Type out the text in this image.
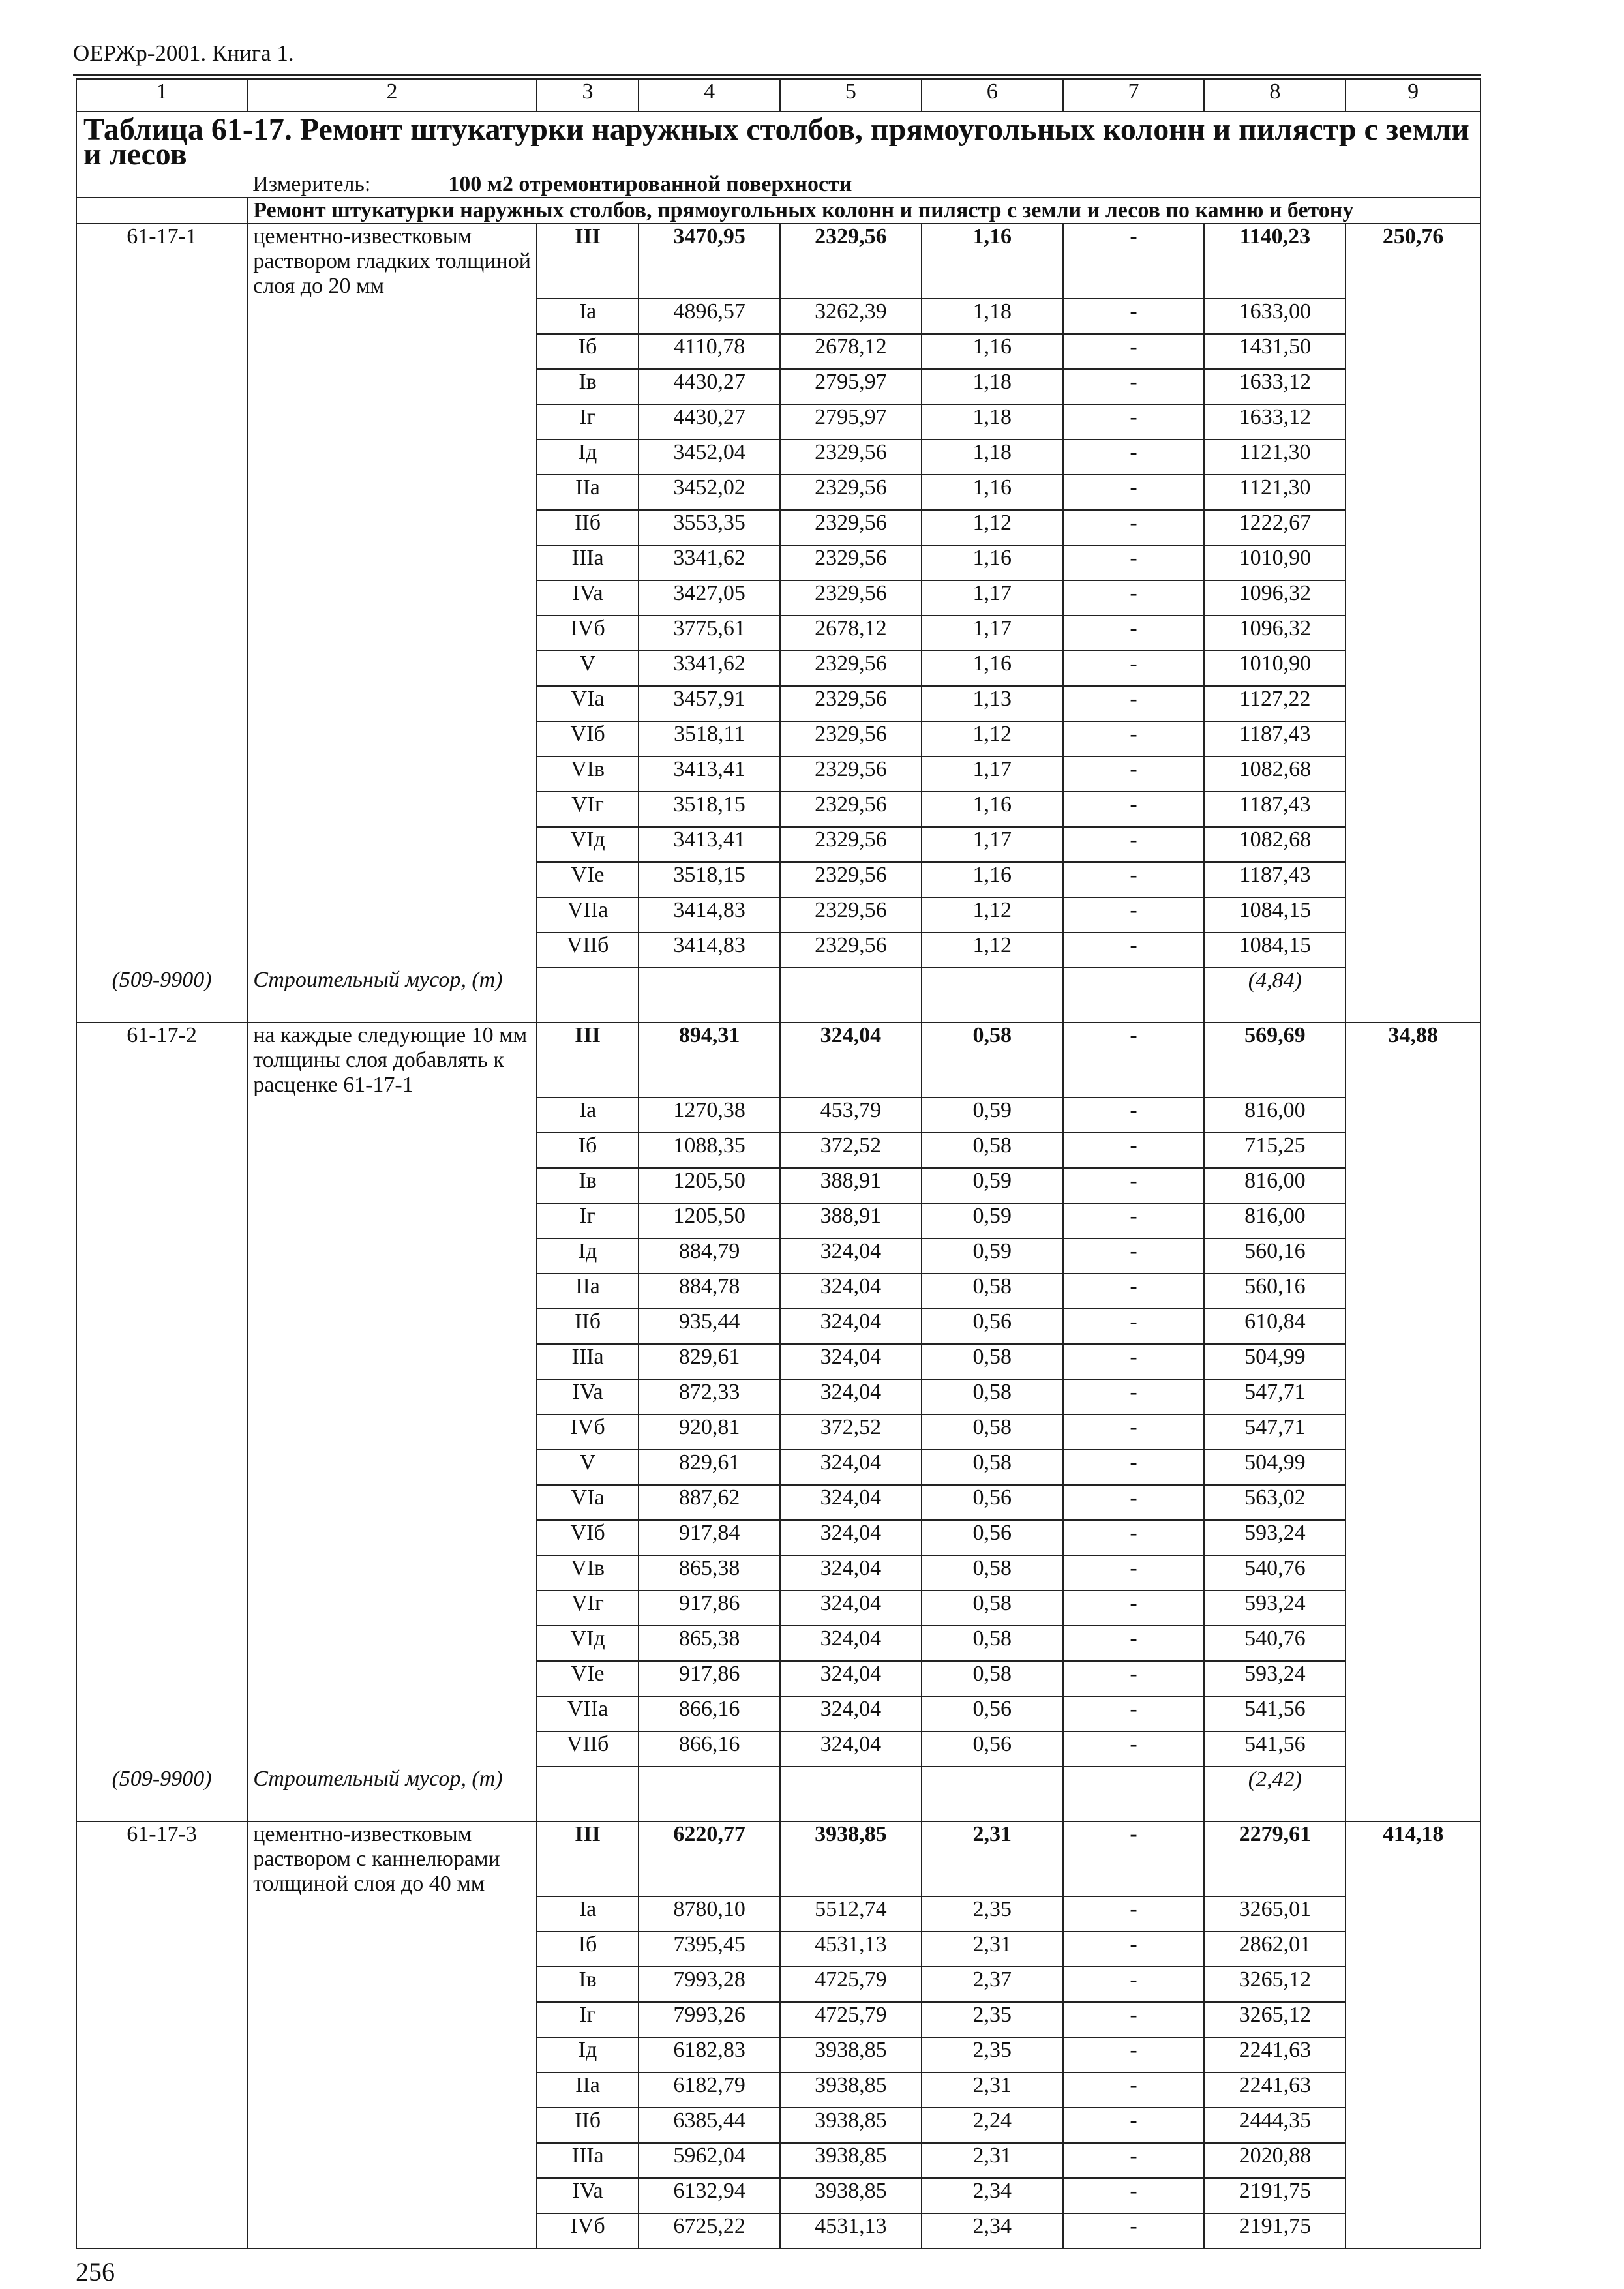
ОЕРЖр-2001. Книга 1.
1	2	3	4	5	6	7	8	9
Таблица 61-17. Ремонт штукатурки наружных столбов, прямоугольных колонн и пилястр с земли и лесов								
	Измеритель: 100 м2 отремонтированной поверхности							
	Ремонт штукатурки наружных столбов, прямоугольных колонн и пилястр с земли и лесов по камню и бетону							
61-17-1	цементно-известковым раствором гладких толщиной слоя до 20 мм	III	3470,95	2329,56	1,16	-	1140,23	250,76
		Ia	4896,57	3262,39	1,18	-	1633,00	
		Iб	4110,78	2678,12	1,16	-	1431,50	
		Iв	4430,27	2795,97	1,18	-	1633,12	
		Iг	4430,27	2795,97	1,18	-	1633,12	
		Iд	3452,04	2329,56	1,18	-	1121,30	
		IIa	3452,02	2329,56	1,16	-	1121,30	
		IIб	3553,35	2329,56	1,12	-	1222,67	
		IIIa	3341,62	2329,56	1,16	-	1010,90	
		IVa	3427,05	2329,56	1,17	-	1096,32	
		IVб	3775,61	2678,12	1,17	-	1096,32	
		V	3341,62	2329,56	1,16	-	1010,90	
		VIa	3457,91	2329,56	1,13	-	1127,22	
		VIб	3518,11	2329,56	1,12	-	1187,43	
		VIв	3413,41	2329,56	1,17	-	1082,68	
		VIг	3518,15	2329,56	1,16	-	1187,43	
		VIд	3413,41	2329,56	1,17	-	1082,68	
		VIe	3518,15	2329,56	1,16	-	1187,43	
		VIIa	3414,83	2329,56	1,12	-	1084,15	
		VIIб	3414,83	2329,56	1,12	-	1084,15	
(509-9900)	Строительный мусор, (т)						(4,84)	
61-17-2	на каждые следующие 10 мм толщины слоя добавлять к расценке 61-17-1	III	894,31	324,04	0,58	-	569,69	34,88
		Ia	1270,38	453,79	0,59	-	816,00	
		Iб	1088,35	372,52	0,58	-	715,25	
		Iв	1205,50	388,91	0,59	-	816,00	
		Iг	1205,50	388,91	0,59	-	816,00	
		Iд	884,79	324,04	0,59	-	560,16	
		IIa	884,78	324,04	0,58	-	560,16	
		IIб	935,44	324,04	0,56	-	610,84	
		IIIa	829,61	324,04	0,58	-	504,99	
		IVa	872,33	324,04	0,58	-	547,71	
		IVб	920,81	372,52	0,58	-	547,71	
		V	829,61	324,04	0,58	-	504,99	
		VIa	887,62	324,04	0,56	-	563,02	
		VIб	917,84	324,04	0,56	-	593,24	
		VIв	865,38	324,04	0,58	-	540,76	
		VIг	917,86	324,04	0,58	-	593,24	
		VIд	865,38	324,04	0,58	-	540,76	
		VIe	917,86	324,04	0,58	-	593,24	
		VIIa	866,16	324,04	0,56	-	541,56	
		VIIб	866,16	324,04	0,56	-	541,56	
(509-9900)	Строительный мусор, (т)						(2,42)	
61-17-3	цементно-известковым раствором с каннелюрами толщиной слоя до 40 мм	III	6220,77	3938,85	2,31	-	2279,61	414,18
		Ia	8780,10	5512,74	2,35	-	3265,01	
		Iб	7395,45	4531,13	2,31	-	2862,01	
		Iв	7993,28	4725,79	2,37	-	3265,12	
		Iг	7993,26	4725,79	2,35	-	3265,12	
		Iд	6182,83	3938,85	2,35	-	2241,63	
		IIa	6182,79	3938,85	2,31	-	2241,63	
		IIб	6385,44	3938,85	2,24	-	2444,35	
		IIIa	5962,04	3938,85	2,31	-	2020,88	
		IVa	6132,94	3938,85	2,34	-	2191,75	
		IVб	6725,22	4531,13	2,34	-	2191,75	
256
